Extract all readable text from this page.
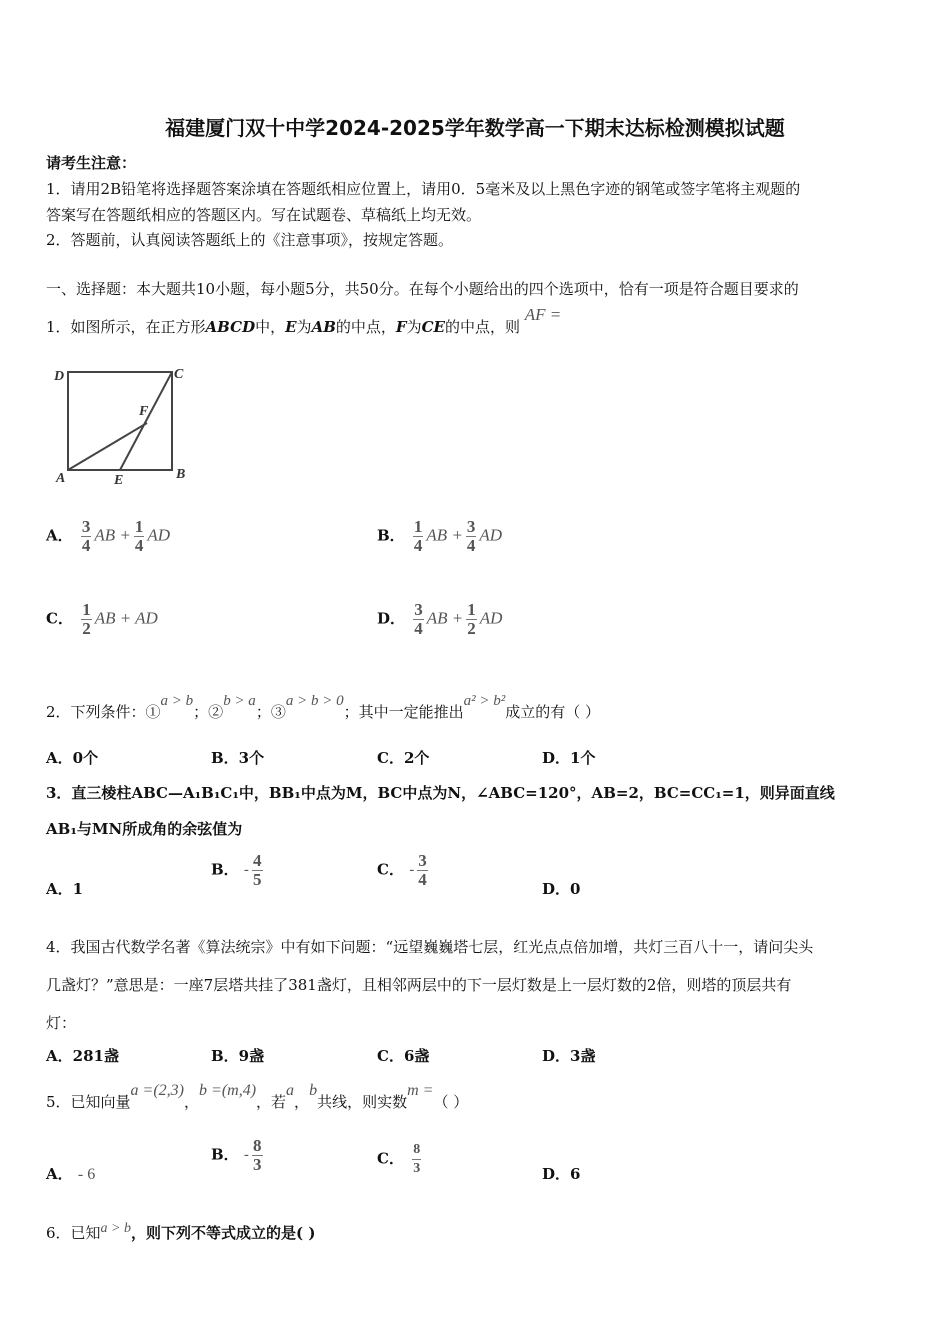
福建厦门双十中学2024-2025学年数学高一下期末达标检测模拟试题
请考生注意：
1．请用2B铅笔将选择题答案涂填在答题纸相应位置上，请用0．5毫米及以上黑色字迹的钢笔或签字笔将主观题的
答案写在答题纸相应的答题区内。写在试题卷、草稿纸上均无效。
2．答题前，认真阅读答题纸上的《注意事项》，按规定答题。
一、选择题：本大题共10小题，每小题5分，共50分。在每个小题给出的四个选项中，恰有一项是符合题目要求的
1．如图所示，在正方形ABCD中，E为AB的中点，F为CE的中点，则 AF =
D	C
F
A	E	B
A． $\frac{3}{4}$ AB + $\frac{1}{4}$ AD	B． $\frac{1}{4}$ AB + $\frac{3}{4}$ AD
C． $\frac{1}{2}$ AB + AD	D． $\frac{3}{4}$ AB + $\frac{1}{2}$ AD
2．下列条件：①a > b；②b > a；③a > b > 0；其中一定能推出a² > b²成立的有（ ）
A．0个	B．3个	C．2个	D．1个
3．直三棱柱ABC—A₁B₁C₁中，BB₁中点为M，BC中点为N，∠ABC=120°，AB=2，BC=CC₁=1，则异面直线
AB₁与MN所成角的余弦值为
A．1
B． - $\frac{4}{5}$	C． - $\frac{3}{4}$	D．0
4．我国古代数学名著《算法统宗》中有如下问题：“远望巍巍塔七层，红光点点倍加增，共灯三百八十一，请问尖头
几盏灯？”意思是：一座7层塔共挂了381盏灯，且相邻两层中的下一层灯数是上一层灯数的2倍，则塔的顶层共有
灯：
A．281盏	B．9盏	C．6盏	D．3盏
5．已知向量a =(2,3)，b =(m,4)，若a，b共线，则实数m =（ ）
A． - 6
B． - $\frac{8}{3}$	C． $\frac{8}{3}$	D．6
6．已知a > b，则下列不等式成立的是( )
